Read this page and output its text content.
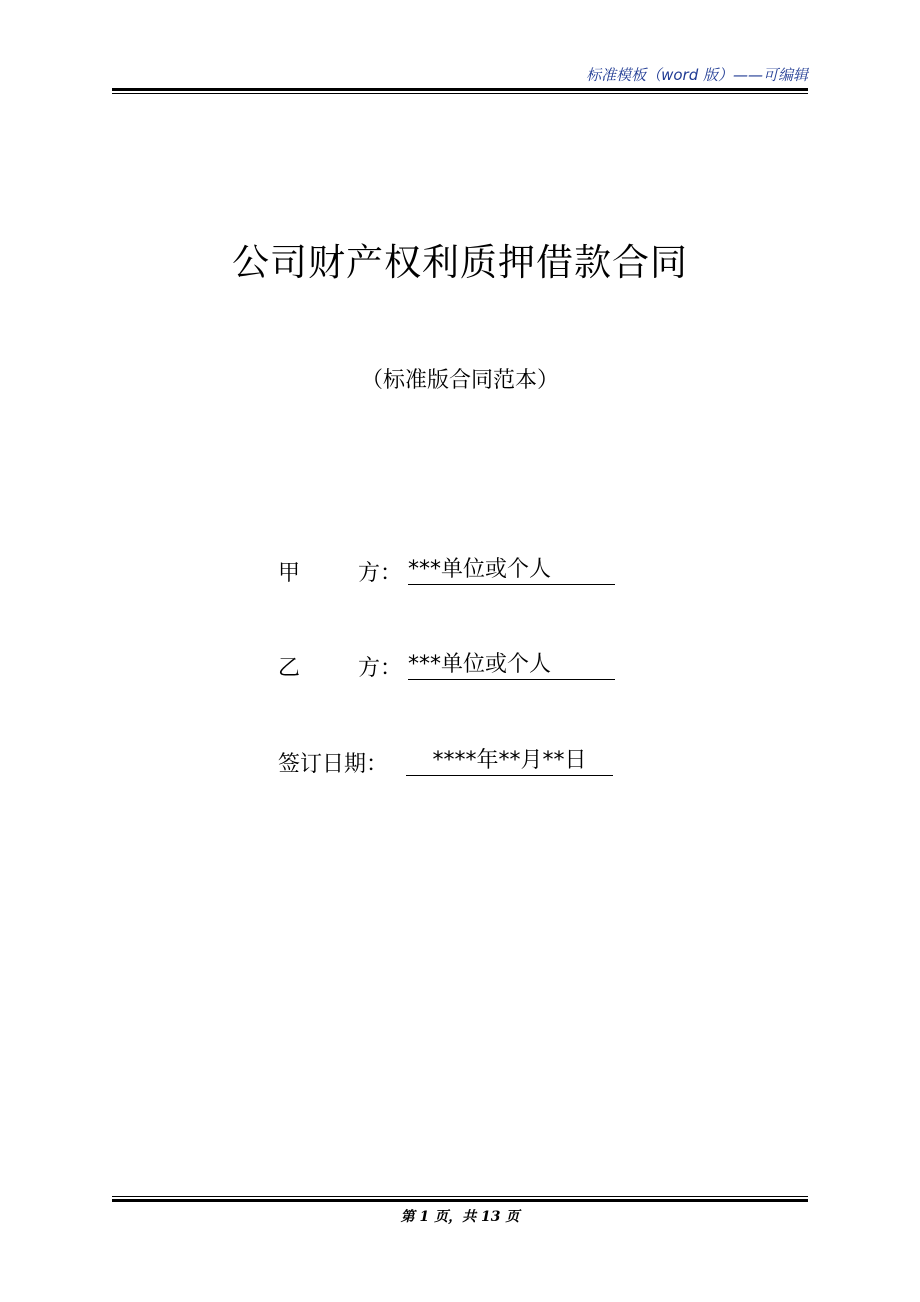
标准模板（word 版）——可编辑
公司财产权利质押借款合同
（标准版合同范本）
甲	方： ***单位或个人
乙	方： ***单位或个人
签订日期：	****年**月**日
第 1 页，共 13 页
